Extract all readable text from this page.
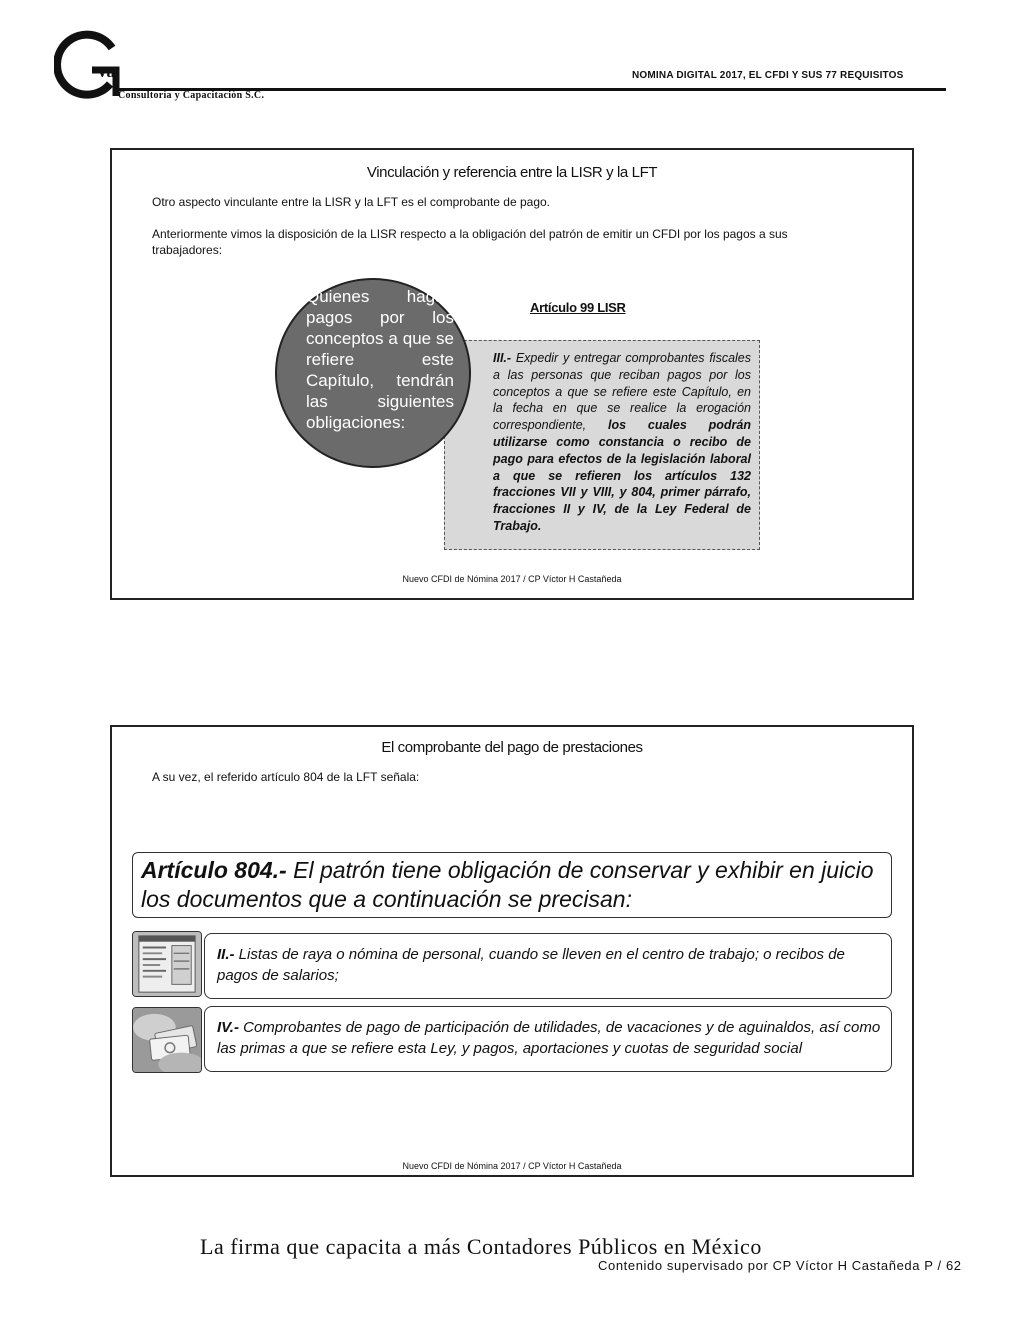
va
Consultoría y Capacitación S.C.
NOMINA DIGITAL 2017, EL CFDI Y SUS 77 REQUISITOS
Vinculación y referencia entre la LISR y la LFT
Otro aspecto vinculante entre la LISR y la LFT es el comprobante de pago.
Anteriormente vimos la disposición de la LISR respecto a la obligación del patrón de emitir un CFDI por los pagos a sus trabajadores:
Artículo 99 LISR
III.- Expedir y entregar comprobantes fiscales a las personas que reciban pagos por los conceptos a que se refiere este Capítulo, en la fecha en que se realice la erogación correspondiente, los cuales podrán utilizarse como constancia o recibo de pago para efectos de la legislación laboral a que se refieren los artículos 132 fracciones VII y VIII, y 804, primer párrafo, fracciones II y IV, de la Ley Federal de Trabajo.
Quienes hagan pagos por los conceptos a que se refiere este Capítulo, tendrán las siguientes obligaciones:
Nuevo CFDI de Nómina 2017 / CP Víctor H Castañeda
El comprobante del pago de prestaciones
A su vez, el referido artículo 804 de la LFT señala:
Artículo 804.- El patrón tiene obligación de conservar y exhibir en juicio los documentos que a continuación se precisan:
II.- Listas de raya o nómina de personal, cuando se lleven en el centro de trabajo; o recibos de pagos de salarios;
IV.- Comprobantes de pago de participación de utilidades, de vacaciones y de aguinaldos, así como las primas a que se refiere esta Ley, y pagos, aportaciones y cuotas de seguridad social
Nuevo CFDI de Nómina 2017 / CP Víctor H Castañeda
La firma que capacita a más Contadores Públicos en México
Contenido supervisado por CP Víctor H Castañeda P / 62
